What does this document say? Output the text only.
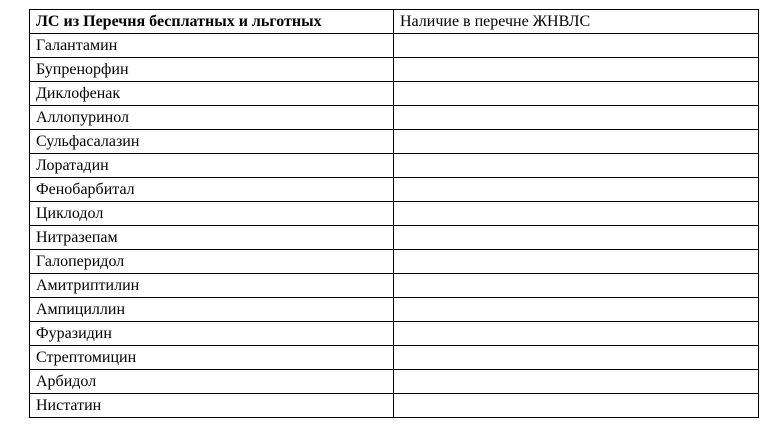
ЛС из Перечня бесплатных и льготных	Наличие в перечне ЖНВЛС
Галантамин	
Бупренорфин	
Диклофенак	
Аллопуринол	
Сульфасалазин	
Лоратадин	
Фенобарбитал	
Циклодол	
Нитразепам	
Галоперидол	
Амитриптилин	
Ампициллин	
Фуразидин	
Стрептомицин	
Арбидол	
Нистатин	
